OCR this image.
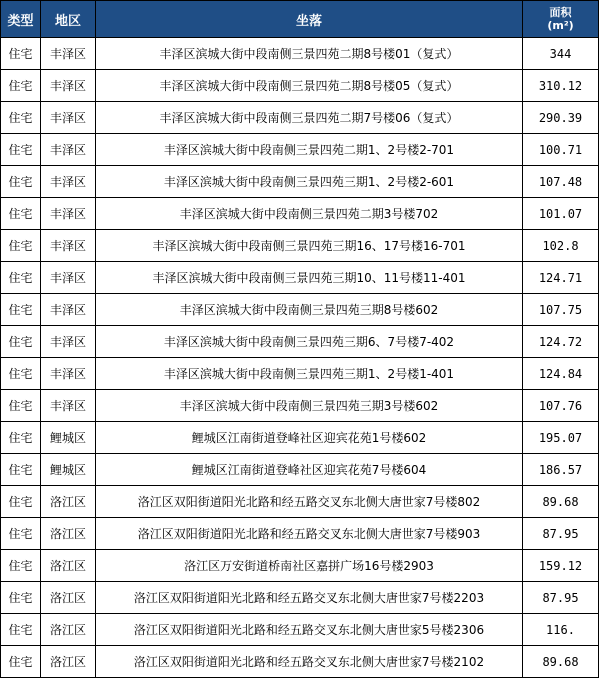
类型	地区	坐落	面积
(m²)

住宅	丰泽区	丰泽区滨城大街中段南侧三景四苑二期8号楼01（复式）	344
住宅	丰泽区	丰泽区滨城大街中段南侧三景四苑二期8号楼05（复式）	310.12
住宅	丰泽区	丰泽区滨城大街中段南侧三景四苑二期7号楼06（复式）	290.39
住宅	丰泽区	丰泽区滨城大街中段南侧三景四苑二期1、2号楼2-701	100.71
住宅	丰泽区	丰泽区滨城大街中段南侧三景四苑三期1、2号楼2-601	107.48
住宅	丰泽区	丰泽区滨城大街中段南侧三景四苑二期3号楼702	101.07
住宅	丰泽区	丰泽区滨城大街中段南侧三景四苑三期16、17号楼16-701	102.8
住宅	丰泽区	丰泽区滨城大街中段南侧三景四苑三期10、11号楼11-401	124.71
住宅	丰泽区	丰泽区滨城大街中段南侧三景四苑三期8号楼602	107.75
住宅	丰泽区	丰泽区滨城大街中段南侧三景四苑三期6、7号楼7-402	124.72
住宅	丰泽区	丰泽区滨城大街中段南侧三景四苑三期1、2号楼1-401	124.84
住宅	丰泽区	丰泽区滨城大街中段南侧三景四苑三期3号楼602	107.76
住宅	鲤城区	鲤城区江南街道登峰社区迎宾花苑1号楼602	195.07
住宅	鲤城区	鲤城区江南街道登峰社区迎宾花苑7号楼604	186.57
住宅	洛江区	洛江区双阳街道阳光北路和经五路交叉东北侧大唐世家7号楼802	89.68
住宅	洛江区	洛江区双阳街道阳光北路和经五路交叉东北侧大唐世家7号楼903	87.95
住宅	洛江区	洛江区万安街道桥南社区嘉拼广场16号楼2903	159.12
住宅	洛江区	洛江区双阳街道阳光北路和经五路交叉东北侧大唐世家7号楼2203	87.95
住宅	洛江区	洛江区双阳街道阳光北路和经五路交叉东北侧大唐世家5号楼2306	116.
住宅	洛江区	洛江区双阳街道阳光北路和经五路交叉东北侧大唐世家7号楼2102	89.68
